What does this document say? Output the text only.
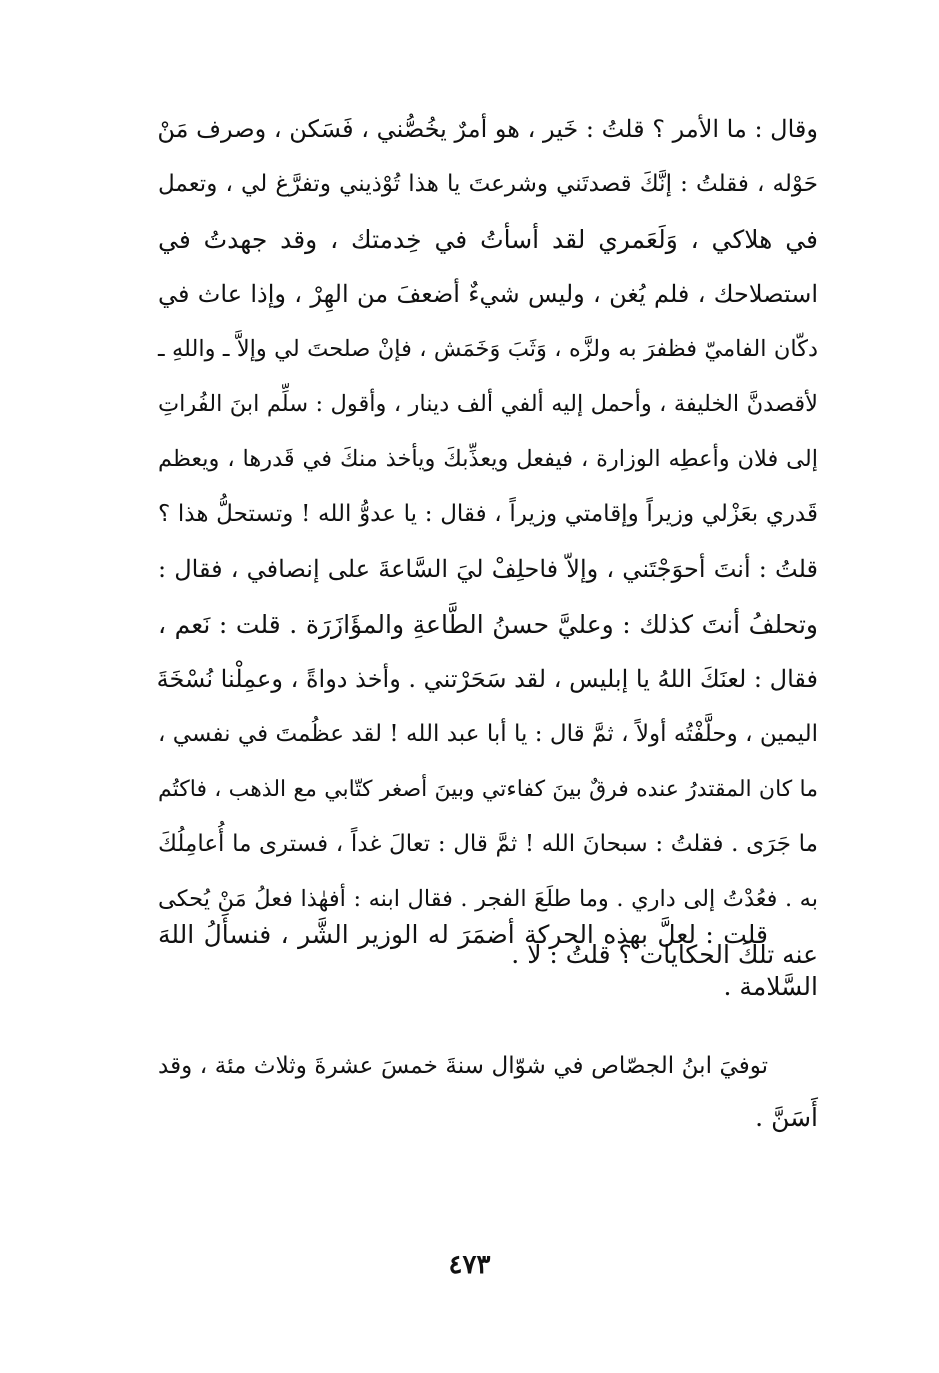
وقال : ما الأمر ؟ قلتُ : خَير ، هو أمرٌ يخُصُّني ، فَسَكن ، وصرف مَنْ
حَوْله ، فقلتُ : إنَّكَ قصدتَني وشرعتَ يا هذا تُوْذيني وتفرَّغ لي ، وتعمل
في هلاكي ، وَلَعَمري لقد أسأتُ في خِدمتك ، وقد جهدتُ في
استصلاحك ، فلم يُغن ، وليس شيءٌ أضعفَ من الهِرْ ، وإذا عاث في
دكّان الفاميّ فظفرَ به ولزَّه ، وَثَبَ وَخَمَش ، فإنْ صلحتَ لي وإلاَّ ـ واللهِ ـ
لأقصدنَّ الخليفة ، وأحمل إليه ألفي ألف دينار ، وأقول : سلِّم ابنَ الفُراتِ
إلى فلان وأعطِه الوزارة ، فيفعل ويعذِّبكَ ويأخذ منكَ في قَدرها ، ويعظم
قَدري بعَزْلي وزيراً وإقامتي وزيراً ، فقال : يا عدوُّ الله ! وتستحلُّ هذا ؟
قلتُ : أنتَ أحوَجْتَني ، وإلاّ فاحلِفْ ليَ السَّاعةَ على إنصافي ، فقال :
وتحلفُ أنتَ كذلك : وعليَّ حسنُ الطَّاعةِ والمؤَازَرَة . قلت : نَعم ،
فقال : لعنَكَ اللهُ يا إبليس ، لقد سَحَرْتني . وأخذ دواةً ، وعمِلْنا نُسْخَةَ
اليمين ، وحلَّفْتُه أولاً ، ثمَّ قال : يا أبا عبد الله ! لقد عظُمتَ في نفسي ،
ما كان المقتدرُ عنده فرقٌ بينَ كفاءتي وبينَ أصغر كتّابي مع الذهب ، فاكتُم
ما جَرَى . فقلتُ : سبحانَ الله ! ثمَّ قال : تعالَ غداً ، فسترى ما أُعامِلُكَ
به . فعُدْتُ إلى داري . وما طلَعَ الفجر . فقال ابنه : أفهٰذا فعلُ مَنْ يُحكى
عنه تلكَ الحكايات ؟ قلتُ : لا .
قلت : لعلَّ بهذه الحركة أضمَرَ له الوزير الشَّر ، فنسأَلُ اللهَ
السَّلامة .
توفيَ ابنُ الجصّاص في شوّال سنةَ خمسَ عشرةَ وثلاث مئة ، وقد
أَسَنَّ .
٤٧٣
